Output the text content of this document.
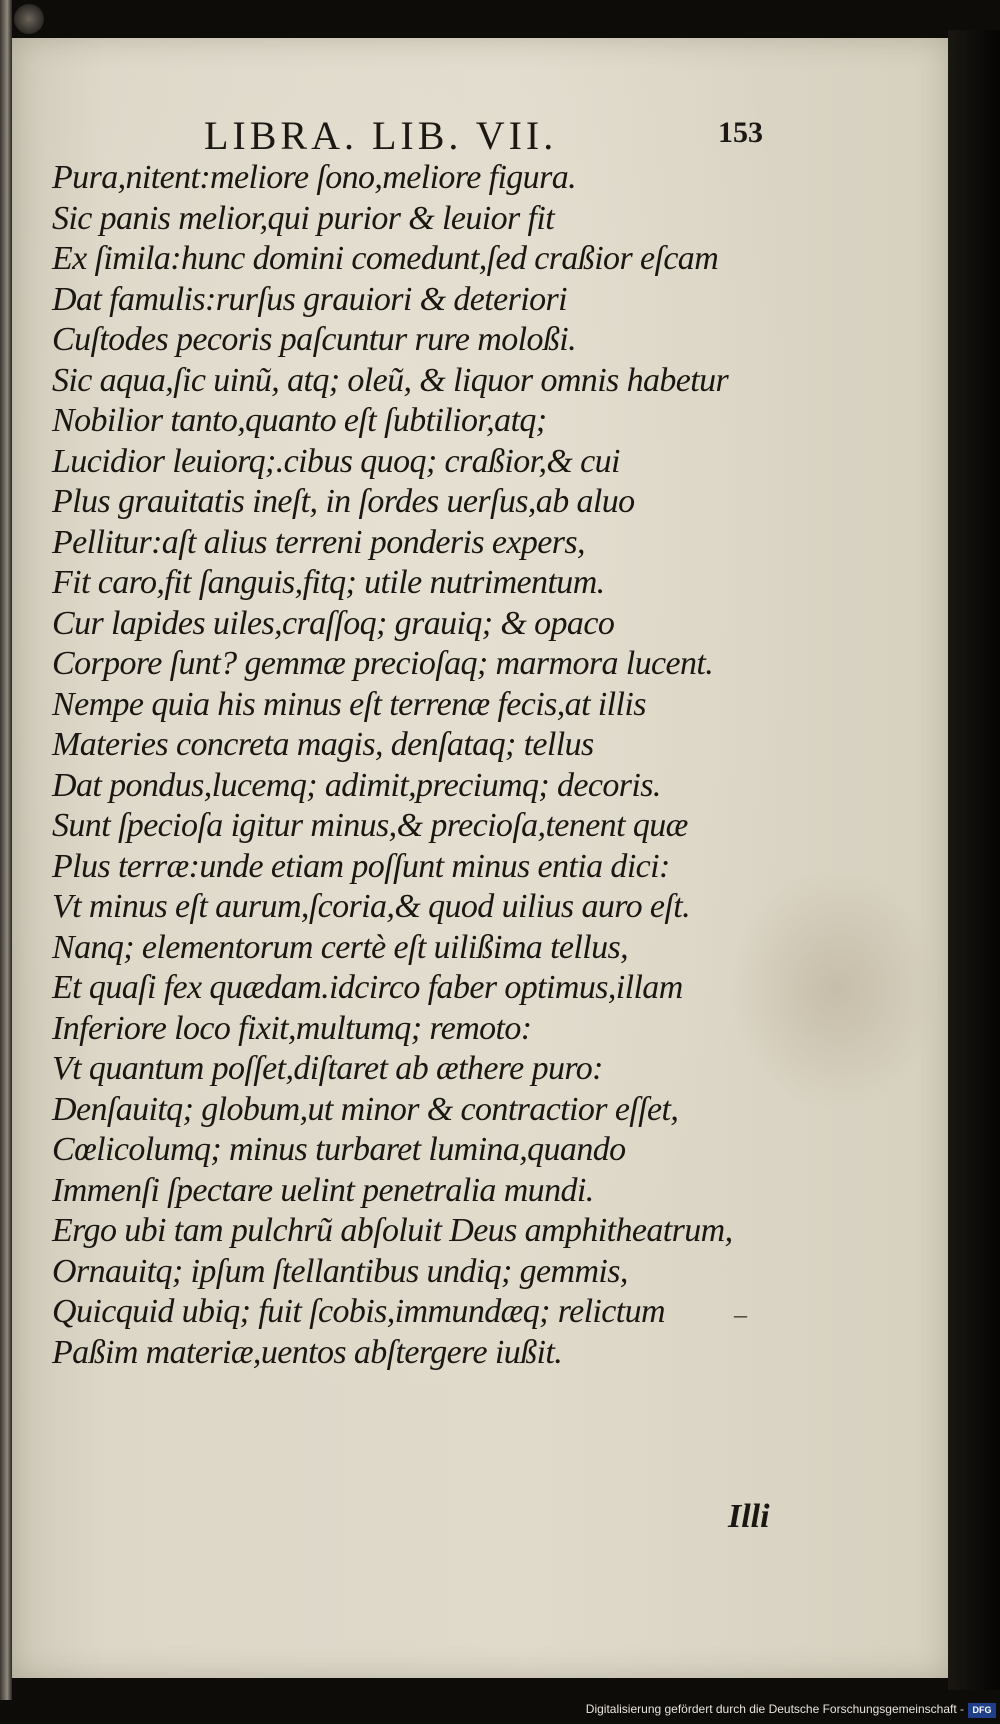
LIBRA. LIB. VII.	153
Pura,nitent:meliore ſono,meliore figura.
Sic panis melior,qui purior & leuior fit
Ex ſimila:hunc domini comedunt,ſed craßior eſcam
Dat famulis:rurſus grauiori & deteriori
Cuſtodes pecoris paſcuntur rure moloßi.
Sic aqua,ſic uinũ, atq; oleũ, & liquor omnis habetur
Nobilior tanto,quanto eſt ſubtilior,atq;
Lucidior leuiorq;.cibus quoq; craßior,& cui
Plus grauitatis ineſt, in ſordes uerſus,ab aluo
Pellitur:aſt alius terreni ponderis expers,
Fit caro,fit ſanguis,fitq; utile nutrimentum.
Cur lapides uiles,craſſoq; grauiq; & opaco
Corpore ſunt? gemmæ precioſaq; marmora lucent.
Nempe quia his minus eſt terrenæ fecis,at illis
Materies concreta magis, denſataq; tellus
Dat pondus,lucemq; adimit,preciumq; decoris.
Sunt ſpecioſa igitur minus,& precioſa,tenent quæ
Plus terræ:unde etiam poſſunt minus entia dici:
Vt minus eſt aurum,ſcoria,& quod uilius auro eſt.
Nanq; elementorum certè eſt uilißima tellus,
Et quaſi fex quædam.idcirco faber optimus,illam
Inferiore loco fixit,multumq; remoto:
Vt quantum poſſet,diſtaret ab æthere puro:
Denſauitq; globum,ut minor & contractior eſſet,
Cœlicolumq; minus turbaret lumina,quando
Immenſi ſpectare uelint penetralia mundi.
Ergo ubi tam pulchrũ abſoluit Deus amphitheatrum,
Ornauitq; ipſum ſtellantibus undiq; gemmis,
Quicquid ubiq; fuit ſcobis,immundæq; relictum
Paßim materiæ,uentos abſtergere iußit.
–
Illi
Digitalisierung gefördert durch die Deutsche Forschungsgemeinschaft - DFG
